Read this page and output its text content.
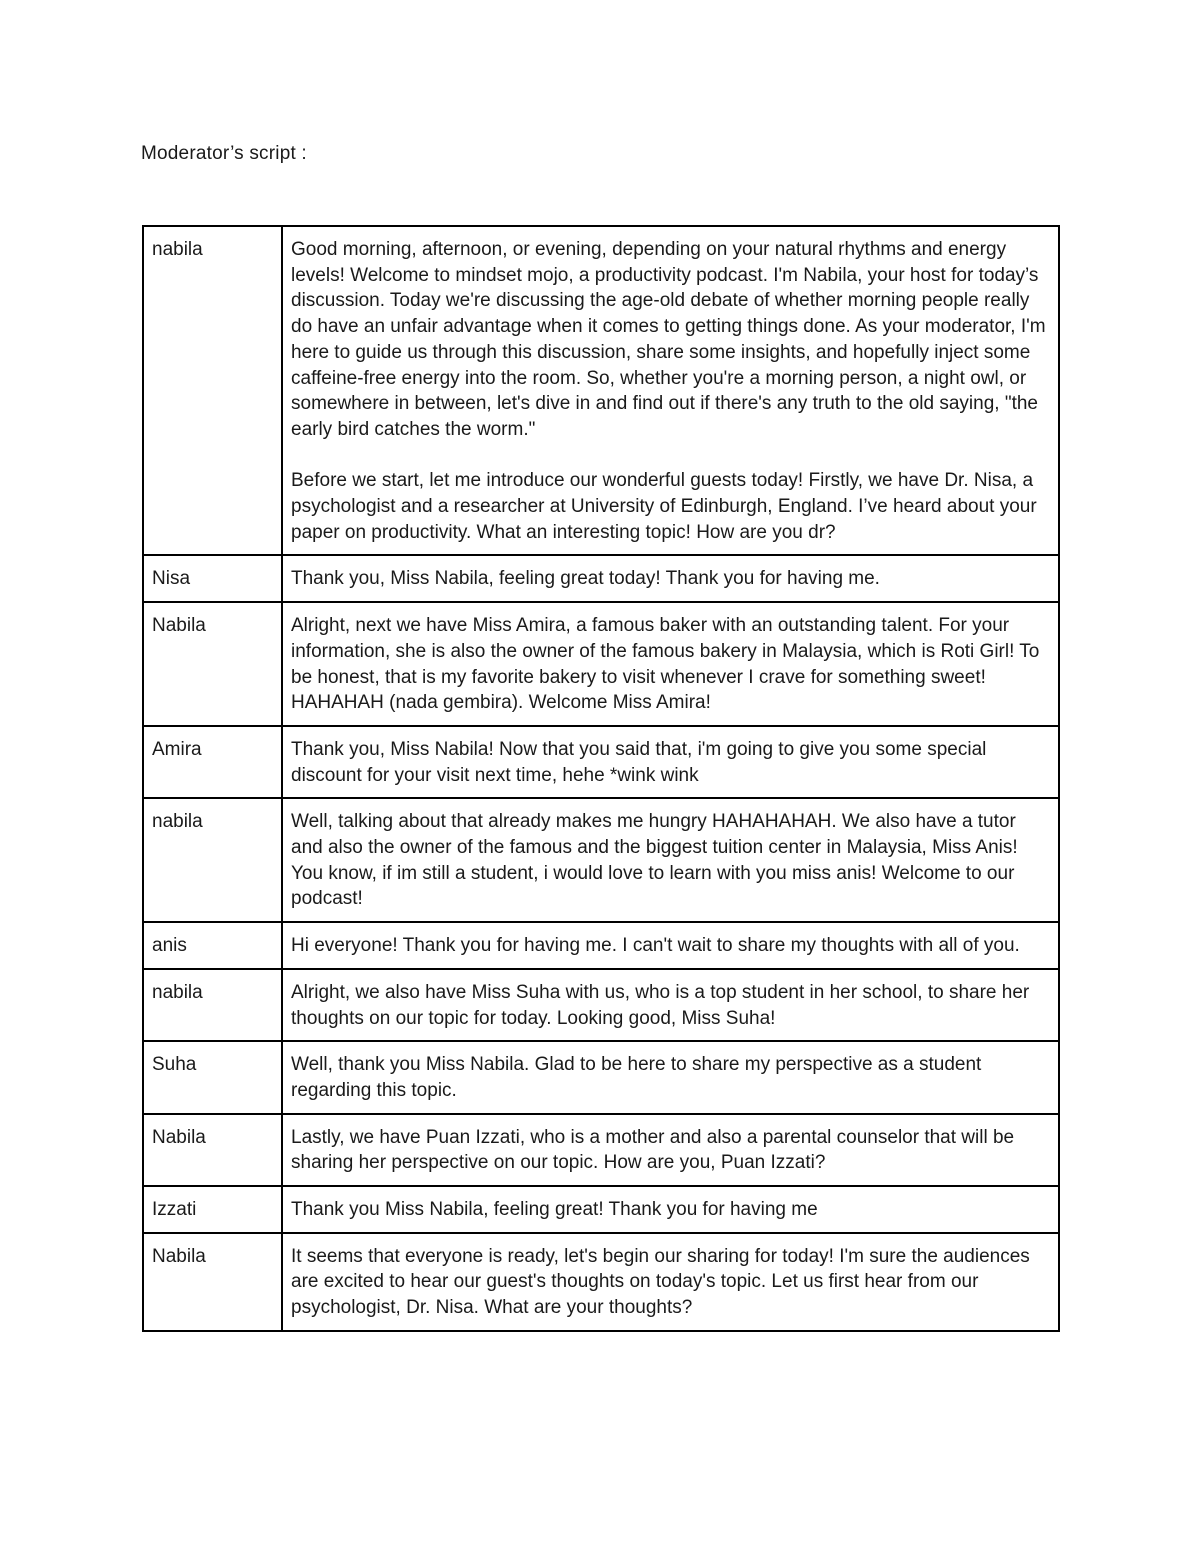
Moderator’s script :
nabila	Good morning, afternoon, or evening, depending on your natural rhythms and energy levels! Welcome to mindset mojo, a productivity podcast. I'm Nabila, your host for today’s discussion. Today we're discussing the age-old debate of whether morning people really do have an unfair advantage when it comes to getting things done. As your moderator, I'm here to guide us through this discussion, share some insights, and hopefully inject some caffeine-free energy into the room. So, whether you're a morning person, a night owl, or somewhere in between, let's dive in and find out if there's any truth to the old saying, "the early bird catches the worm."

Before we start, let me introduce our wonderful guests today! Firstly, we have Dr. Nisa, a psychologist and a researcher at University of Edinburgh, England. I’ve heard about your paper on productivity. What an interesting topic! How are you dr?

Nisa	Thank you, Miss Nabila, feeling great today! Thank you for having me.

Nabila	Alright, next we have Miss Amira, a famous baker with an outstanding talent. For your information, she is also the owner of the famous bakery in Malaysia, which is Roti Girl! To be honest, that is my favorite bakery to visit whenever I crave for something sweet! HAHAHAH (nada gembira). Welcome Miss Amira!

Amira	Thank you, Miss Nabila! Now that you said that, i'm going to give you some special discount for your visit next time, hehe *wink wink

nabila	Well, talking about that already makes me hungry HAHAHAHAH. We also have a tutor and also the owner of the famous and the biggest tuition center in Malaysia, Miss Anis! You know, if im still a student, i would love to learn with you miss anis! Welcome to our podcast!

anis	Hi everyone! Thank you for having me. I can't wait to share my thoughts with all of you.

nabila	Alright, we also have Miss Suha with us, who is a top student in her school, to share her thoughts on our topic for today. Looking good, Miss Suha!

Suha	Well, thank you Miss Nabila. Glad to be here to share my perspective as a student regarding this topic.

Nabila	Lastly, we have Puan Izzati, who is a mother and also a parental counselor that will be sharing her perspective on our topic. How are you, Puan Izzati?

Izzati	Thank you Miss Nabila, feeling great! Thank you for having me

Nabila	It seems that everyone is ready, let's begin our sharing for today! I'm sure the audiences are excited to hear our guest's thoughts on today's topic. Let us first hear from our psychologist, Dr. Nisa. What are your thoughts?
